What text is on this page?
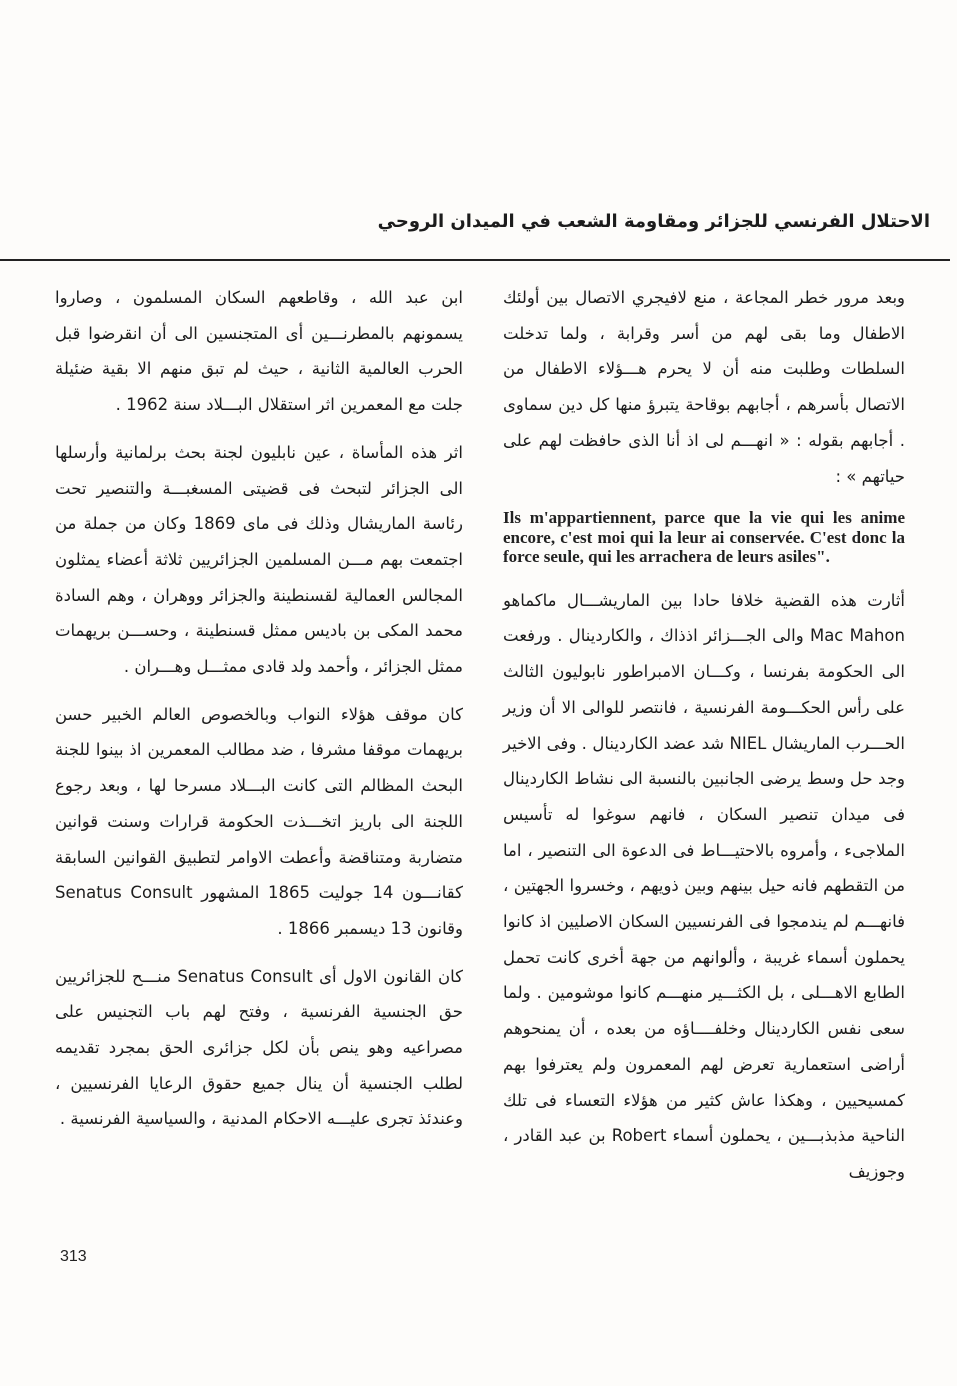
الاحتلال الفرنسي للجزائر ومقاومة الشعب في الميدان الروحي

وبعد مرور خطر المجاعة ، منع لافيجري الاتصال بين أولئك الاطفال وما بقى لهم من أسر وقرابة ، ولما تدخلت السلطات وطلبت منه أن لا يحرم هـــؤلاء الاطفال من الاتصال بأسرهم ، أجابهم بوقاحة يتبرؤ منها كل دين سماوى . أجابهم بقوله : « انهـــم لى اذ أنا الذى حافظت لهم على حياتهم » :

Ils m'appartiennent, parce que la vie qui les anime encore, c'est moi qui la leur ai conservée. C'est donc la force seule, qui les arrachera de leurs asiles".

أثارت هذه القضية خلافا حادا بين الماريشـــال ماكماهو Mac Mahon والى الجـــزائر اذذاك ، والكاردينال . ورفعت الى الحكومة بفرنسا ، وكـــان الامبراطور نابوليون الثالث على رأس الحكـــومة الفرنسية ، فانتصر للوالى الا أن وزير الحـــرب الماريشال NIEL شد عضد الكاردينال . وفى الاخير وجد حل وسط يرضى الجانبين بالنسبة الى نشاط الكاردينال فى ميدان تنصير السكان ، فانهم سوغوا له تأسيس الملاجىء ، وأمروه بالاحتيـــاط فى الدعوة الى التنصير ، اما من التقطهم فانه حيل بينهم وبين ذويهم ، وخسروا الجهتين ، فانهـــم لم يندمجوا فى الفرنسيين السكان الاصليين اذ كانوا يحملون أسماء غريبة ، وألوانهم من جهة أخرى كانت تحمل الطابع الاهـــلى ، بل الكثـــير منهـــم كانوا موشومين . ولما سعى نفس الكاردينال وخلفــــاؤه من بعده ، أن يمنحوهم أراضى استعمارية تعرض لهم المعمرون ولم يعترفوا بهم كمسيحيين ، وهكذا عاش كثير من هؤلاء التعساء فى تلك الناحية مذبذبـــين ، يحملون أسماء Robert بن عبد القادر ، وجوزيف

ابن عبد الله ، وقاطعهم السكان المسلمون ، وصاروا يسمونهم بالمطرنـــين أى المتجنسين الى أن انقرضوا قبل الحرب العالمية الثانية ، حيث لم تبق منهم الا بقية ضئيلة جلت مع المعمرين اثر استقلال البـــلاد سنة 1962 .

اثر هذه المأساة ، عين نابليون لجنة بحث برلمانية وأرسلها الى الجزائر لتبحث فى قضيتى المسغبـــة والتنصير تحت رئاسة الماريشال وذلك فى ماى 1869 وكان من جملة من اجتمعت بهم مـــن المسلمين الجزائريين ثلاثة أعضاء يمثلون المجالس العمالية لقسنطينة والجزائر ووهران ، وهم السادة محمد المكى بن باديس ممثل قسنطينة ، وحســـن بريهمات ممثل الجزائر ، وأحمد ولد قادى ممثـــل وهـــران .

كان موقف هؤلاء النواب وبالخصوص العالم الخبير حسن بريهمات موقفا مشرفا ، ضد مطالب المعمرين اذ بينوا للجنة البحث المظالم التى كانت البـــلاد مسرحا لها ، وبعد رجوع اللجنة الى باريز اتخـــذت الحكومة قرارات وسنت قوانين متضاربة ومتناقضة وأعطت الاوامر لتطبيق القوانين السابقة كقانـــون 14 جوليت 1865 المشهور Senatus Consult وقانون 13 ديسمبر 1866 .

كان القانون الاول أى Senatus Consult منـــح للجزائريين حق الجنسية الفرنسية ، وفتح لهم باب التجنيس على مصراعيه وهو ينص بأن لكل جزائرى الحق بمجرد تقديمه لطلب الجنسية أن ينال جميع حقوق الرعايا الفرنسيين ، وعندئذ تجرى عليـــه الاحكام المدنية ، والسياسية الفرنسية .

313
